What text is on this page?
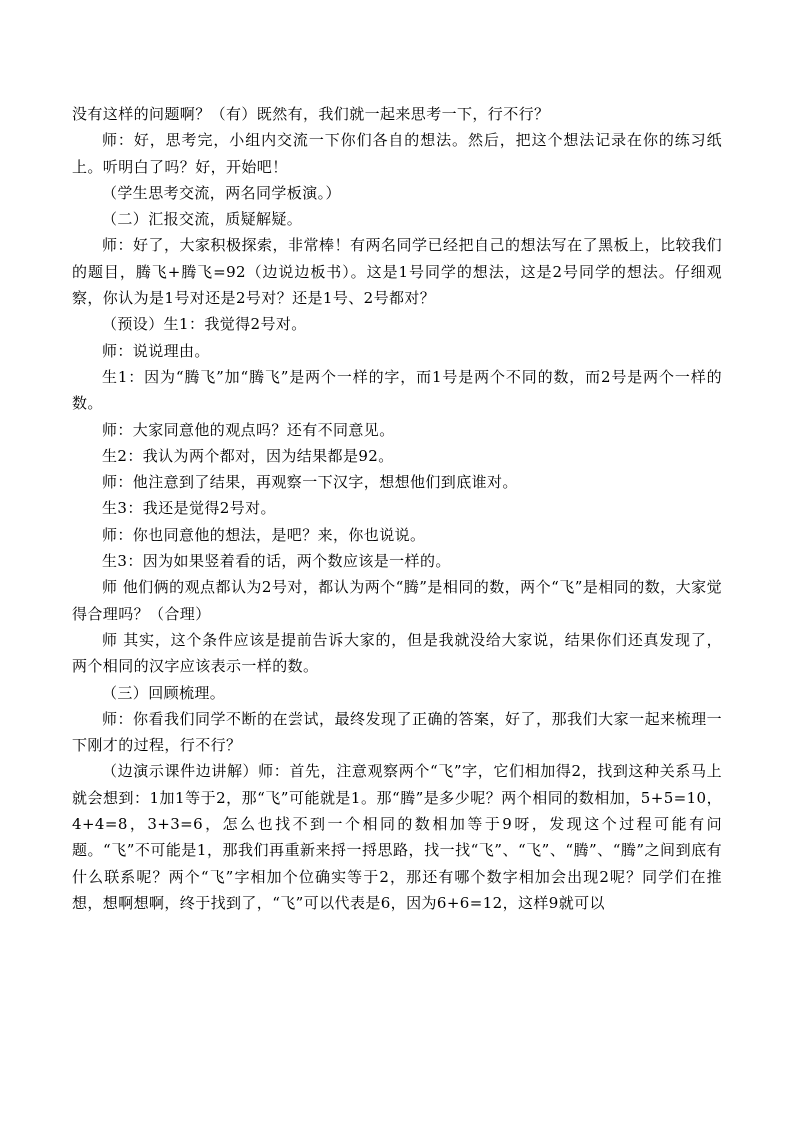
没有这样的问题啊？（有）既然有，我们就一起来思考一下，行不行？

师：好，思考完，小组内交流一下你们各自的想法。然后，把这个想法记录在你的练习纸上。听明白了吗？好，开始吧！

（学生思考交流，两名同学板演。）

（二）汇报交流，质疑解疑。

师：好了，大家积极探索，非常棒！有两名同学已经把自己的想法写在了黑板上，比较我们的题目，腾飞+腾飞=92（边说边板书）。这是1号同学的想法，这是2号同学的想法。仔细观察，你认为是1号对还是2号对？还是1号、2号都对？

（预设）生1：我觉得2号对。

师：说说理由。

生1：因为“腾飞”加“腾飞”是两个一样的字，而1号是两个不同的数，而2号是两个一样的数。

师：大家同意他的观点吗？还有不同意见。

生2：我认为两个都对，因为结果都是92。

师：他注意到了结果，再观察一下汉字，想想他们到底谁对。

生3：我还是觉得2号对。

师：你也同意他的想法，是吧？来，你也说说。

生3：因为如果竖着看的话，两个数应该是一样的。

师 他们俩的观点都认为2号对，都认为两个“腾”是相同的数，两个“飞”是相同的数，大家觉得合理吗？（合理）

师 其实，这个条件应该是提前告诉大家的，但是我就没给大家说，结果你们还真发现了，两个相同的汉字应该表示一样的数。

（三）回顾梳理。

师：你看我们同学不断的在尝试，最终发现了正确的答案，好了，那我们大家一起来梳理一下刚才的过程，行不行？

（边演示课件边讲解）师：首先，注意观察两个“飞”字，它们相加得2，找到这种关系马上就会想到：1加1等于2，那“飞”可能就是1。那“腾”是多少呢？两个相同的数相加，5+5=10，4+4=8，3+3=6，怎么也找不到一个相同的数相加等于9呀，发现这个过程可能有问题。“飞”不可能是1，那我们再重新来捋一捋思路，找一找“飞”、“飞”、“腾”、“腾”之间到底有什么联系呢？两个“飞”字相加个位确实等于2，那还有哪个数字相加会出现2呢？同学们在推想，想啊想啊，终于找到了，“飞”可以代表是6，因为6+6=12，这样9就可以
